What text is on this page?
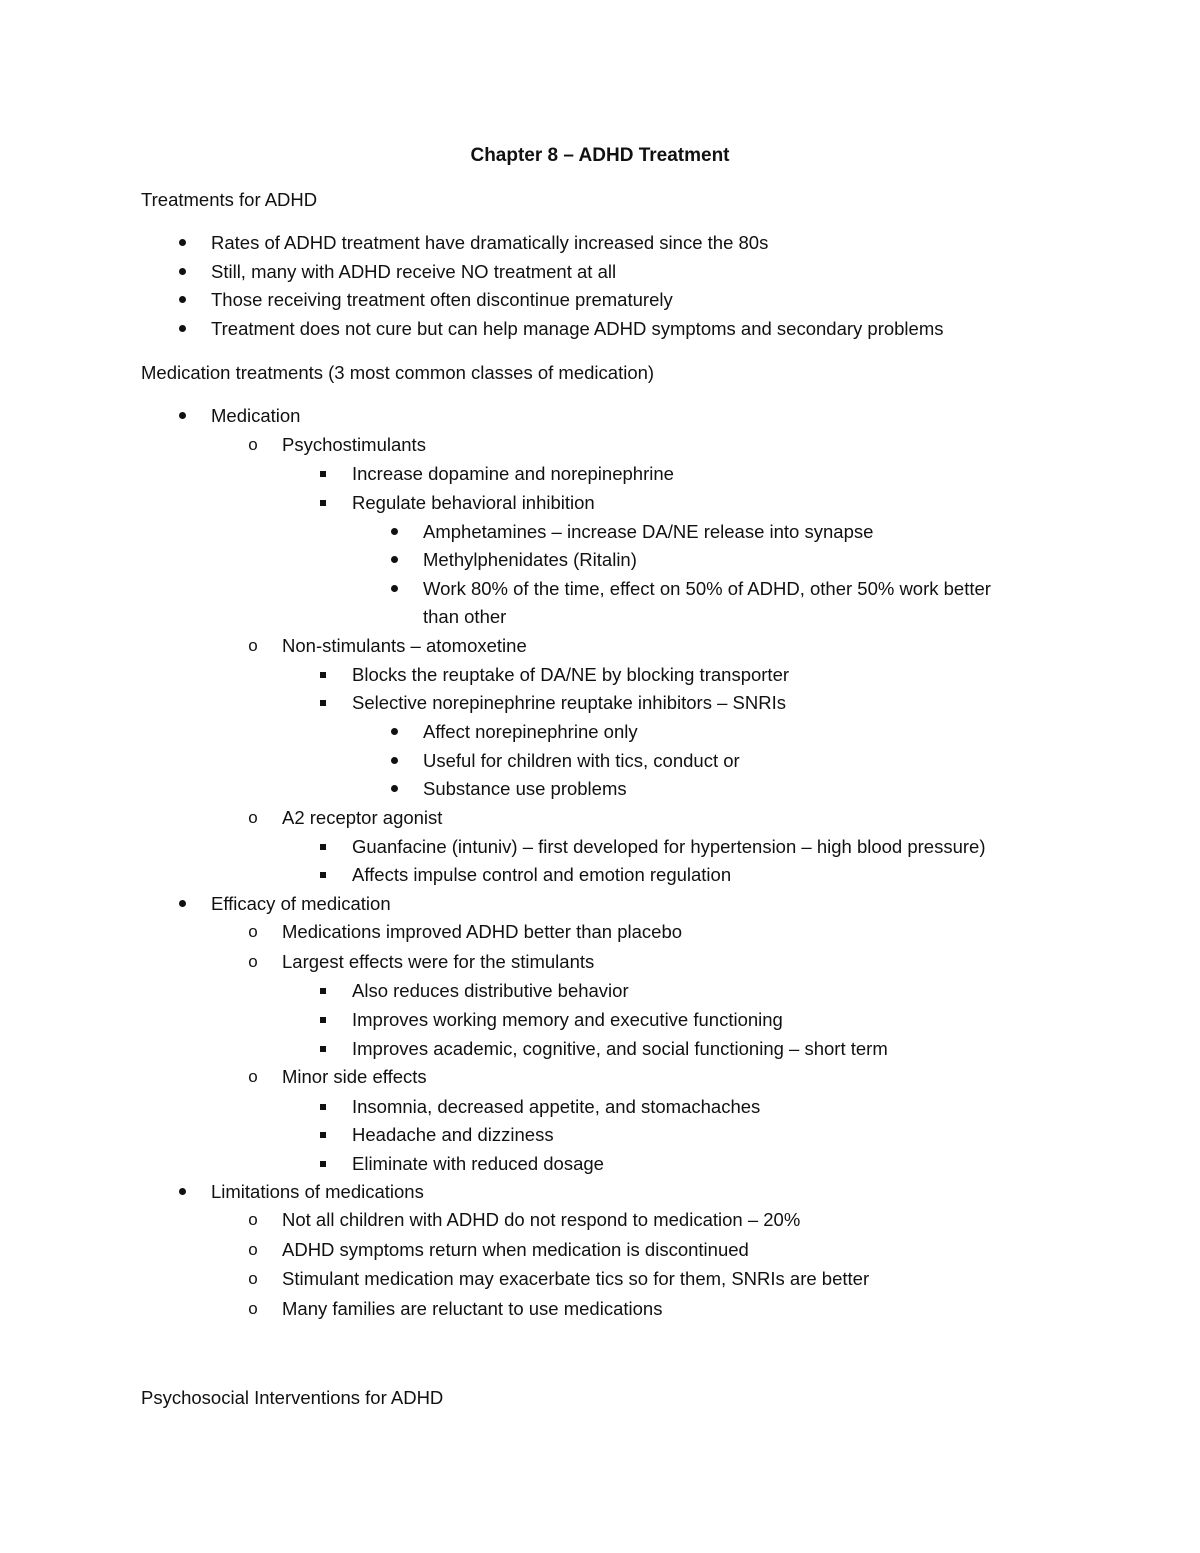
Chapter 8 – ADHD Treatment
Treatments for ADHD
Rates of ADHD treatment have dramatically increased since the 80s
Still, many with ADHD receive NO treatment at all
Those receiving treatment often discontinue prematurely
Treatment does not cure but can help manage ADHD symptoms and secondary problems
Medication treatments (3 most common classes of medication)
Medication
o Psychostimulants
Increase dopamine and norepinephrine
Regulate behavioral inhibition
Amphetamines – increase DA/NE release into synapse
Methylphenidates (Ritalin)
Work 80% of the time, effect on 50% of ADHD, other 50% work better
than other
o Non-stimulants – atomoxetine
Blocks the reuptake of DA/NE by blocking transporter
Selective norepinephrine reuptake inhibitors – SNRIs
Affect norepinephrine only
Useful for children with tics, conduct or
Substance use problems
o A2 receptor agonist
Guanfacine (intuniv) – first developed for hypertension – high blood pressure)
Affects impulse control and emotion regulation
Efficacy of medication
o Medications improved ADHD better than placebo
o Largest effects were for the stimulants
Also reduces distributive behavior
Improves working memory and executive functioning
Improves academic, cognitive, and social functioning – short term
o Minor side effects
Insomnia, decreased appetite, and stomachaches
Headache and dizziness
Eliminate with reduced dosage
Limitations of medications
o Not all children with ADHD do not respond to medication – 20%
o ADHD symptoms return when medication is discontinued
o Stimulant medication may exacerbate tics so for them, SNRIs are better
o Many families are reluctant to use medications
Psychosocial Interventions for ADHD
